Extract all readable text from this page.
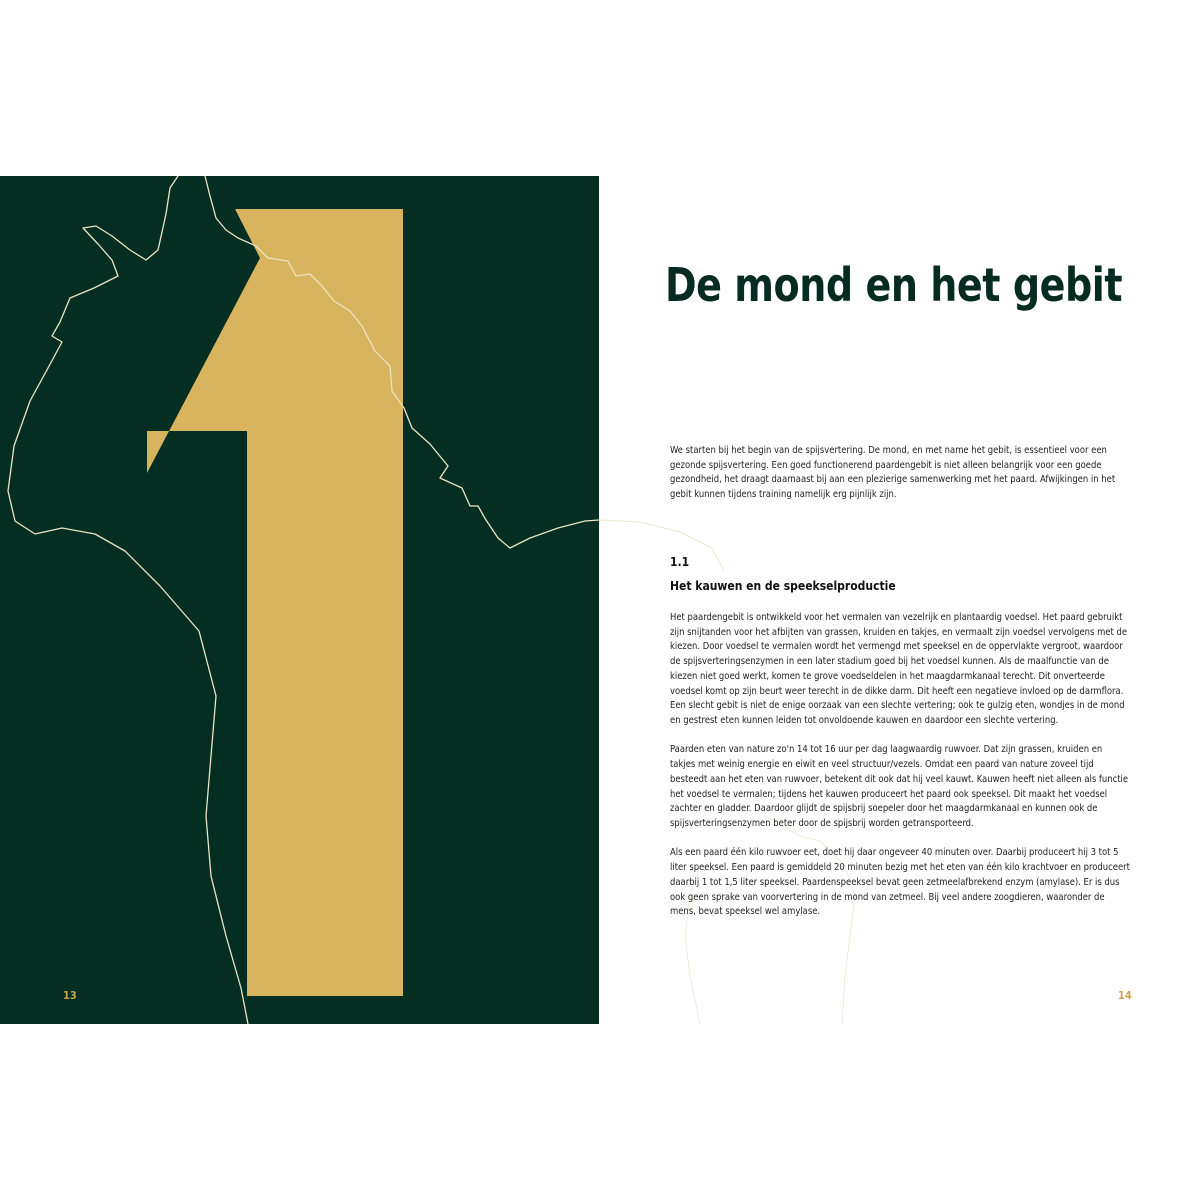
13
De mond en het gebit

We starten bij het begin van de spijsvertering. De mond, en met name het gebit, is essentieel voor een gezonde spijsvertering. Een goed functionerend paardengebit is niet alleen belangrijk voor een goede gezondheid, het draagt daarnaast bij aan een plezierige samenwerking met het paard. Afwijkingen in het gebit kunnen tijdens training namelijk erg pijnlijk zijn.

1.1
Het kauwen en de speekselproductie

Het paardengebit is ontwikkeld voor het vermalen van vezelrijk en plantaardig voedsel. Het paard gebruikt zijn snijtanden voor het afbijten van grassen, kruiden en takjes, en vermaalt zijn voedsel vervolgens met de kiezen. Door voedsel te vermalen wordt het vermengd met speeksel en de oppervlakte vergroot, waardoor de spijsverteringsenzymen in een later stadium goed bij het voedsel kunnen. Als de maalfunctie van de kiezen niet goed werkt, komen te grove voedseldelen in het maagdarmkanaal terecht. Dit onverteerde voedsel komt op zijn beurt weer terecht in de dikke darm. Dit heeft een negatieve invloed op de darmflora. Een slecht gebit is niet de enige oorzaak van een slechte vertering; ook te gulzig eten, wondjes in de mond en gestrest eten kunnen leiden tot onvoldoende kauwen en daardoor een slechte vertering.

Paarden eten van nature zo'n 14 tot 16 uur per dag laagwaardig ruwvoer. Dat zijn grassen, kruiden en takjes met weinig energie en eiwit en veel structuur/vezels. Omdat een paard van nature zoveel tijd besteedt aan het eten van ruwvoer, betekent dit ook dat hij veel kauwt. Kauwen heeft niet alleen als functie het voedsel te vermalen; tijdens het kauwen produceert het paard ook speeksel. Dit maakt het voedsel zachter en gladder. Daardoor glijdt de spijsbrij soepeler door het maagdarmkanaal en kunnen ook de spijsverteringsenzymen beter door de spijsbrij worden getransporteerd.

Als een paard één kilo ruwvoer eet, doet hij daar ongeveer 40 minuten over. Daarbij produceert hij 3 tot 5 liter speeksel. Een paard is gemiddeld 20 minuten bezig met het eten van één kilo krachtvoer en produceert daarbij 1 tot 1,5 liter speeksel. Paardenspeeksel bevat geen zetmeelafbrekend enzym (amylase). Er is dus ook geen sprake van voorvertering in de mond van zetmeel. Bij veel andere zoogdieren, waaronder de mens, bevat speeksel wel amylase.

14
